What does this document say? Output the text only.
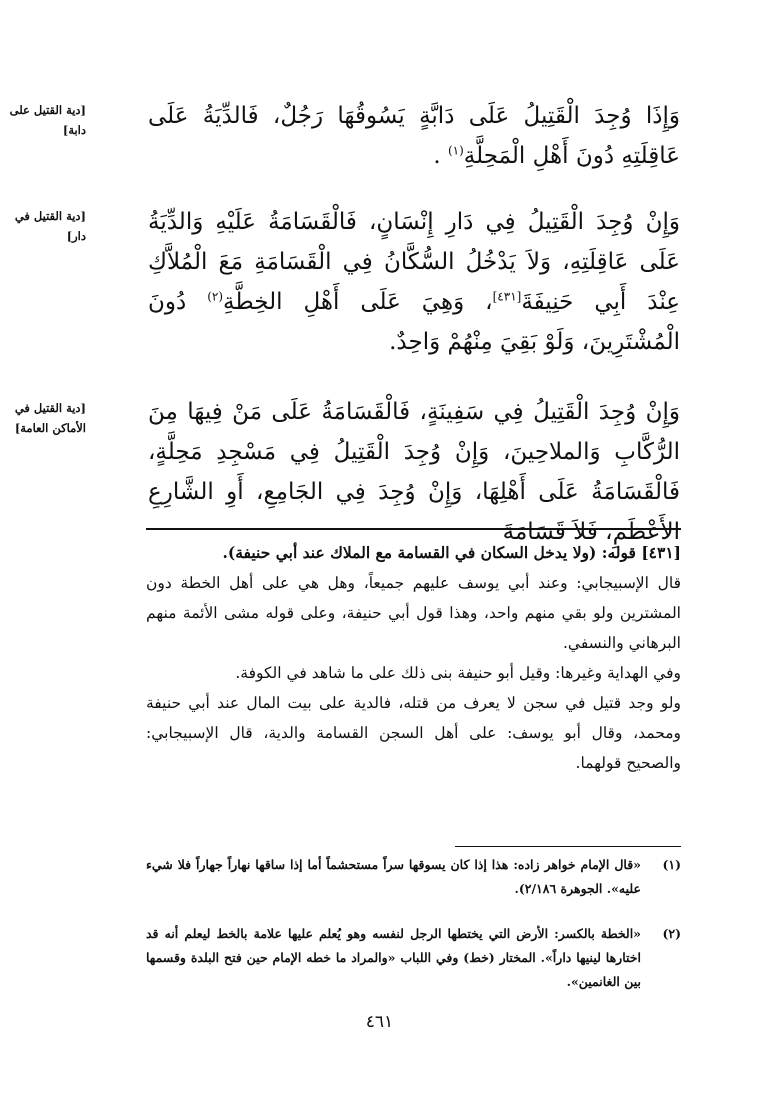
[دية القتيل على دابة]
[دية القتيل في دار]
[دية القتيل في الأماكن العامة]
وَإِذَا وُجِدَ الْقَتِيلُ عَلَى دَابَّةٍ يَسُوقُهَا رَجُلٌ، فَالدِّيَةُ عَلَى عَاقِلَتِهِ دُونَ أَهْلِ الْمَحِلَّةِ$^{(١)}$ .
وَإِنْ وُجِدَ الْقَتِيلُ فِي دَارِ إِنْسَانٍ، فَالْقَسَامَةُ عَلَيْهِ وَالدِّيَةُ عَلَى عَاقِلَتِهِ، وَلاَ يَدْخُلُ السُّكَّانُ فِي الْقَسَامَةِ مَعَ الْمُلاَّكِ عِنْدَ أَبِي حَنِيفَةَ[٤٣١]، وَهِيَ عَلَى أَهْلِ الخِطَّةِ$^{(٢)}$ دُونَ الْمُشْتَرِينَ، وَلَوْ بَقِيَ مِنْهُمْ وَاحِدٌ.
وَإِنْ وُجِدَ الْقَتِيلُ فِي سَفِينَةٍ، فَالْقَسَامَةُ عَلَى مَنْ فِيهَا مِنَ الرُّكَّابِ وَالملاحِينَ، وَإِنْ وُجِدَ الْقَتِيلُ فِي مَسْجِدِ مَحِلَّةٍ، فَالْقَسَامَةُ عَلَى أَهْلِهَا، وَإِنْ وُجِدَ فِي الجَامِعِ، أَوِ الشَّارِعِ الأَعْظَمِ، فَلاَ قَسَامَةَ

[٤٣١] قوله: (ولا يدخل السكان في القسامة مع الملاك عند أبي حنيفة).

قال الإسبيجابي: وعند أبي يوسف عليهم جميعاً، وهل هي على أهل الخطة دون المشترين ولو بقي منهم واحد، وهذا قول أبي حنيفة، وعلى قوله مشى الأئمة منهم البرهاني والنسفي.

وفي الهداية وغيرها: وقيل أبو حنيفة بنى ذلك على ما شاهد في الكوفة.

ولو وجد قتيل في سجن لا يعرف من قتله، فالدية على بيت المال عند أبي حنيفة ومحمد، وقال أبو يوسف: على أهل السجن القسامة والدية، قال الإسبيجابي: والصحيح قولهما.

(١)
«قال الإمام خواهر زاده: هذا إذا كان يسوقها سراً مستحشماً أما إذا ساقها نهاراً جهاراً فلا شيء عليه». الجوهرة ٢/١٨٦).
(٢)
«الخطة بالكسر: الأرض التي يختطها الرجل لنفسه وهو يُعلم عليها علامة بالخط ليعلم أنه قد اختارها لينيها داراً». المختار (خط) وفي اللباب «والمراد ما خطه الإمام حين فتح البلدة وقسمها بين الغانمين».
٤٦١
